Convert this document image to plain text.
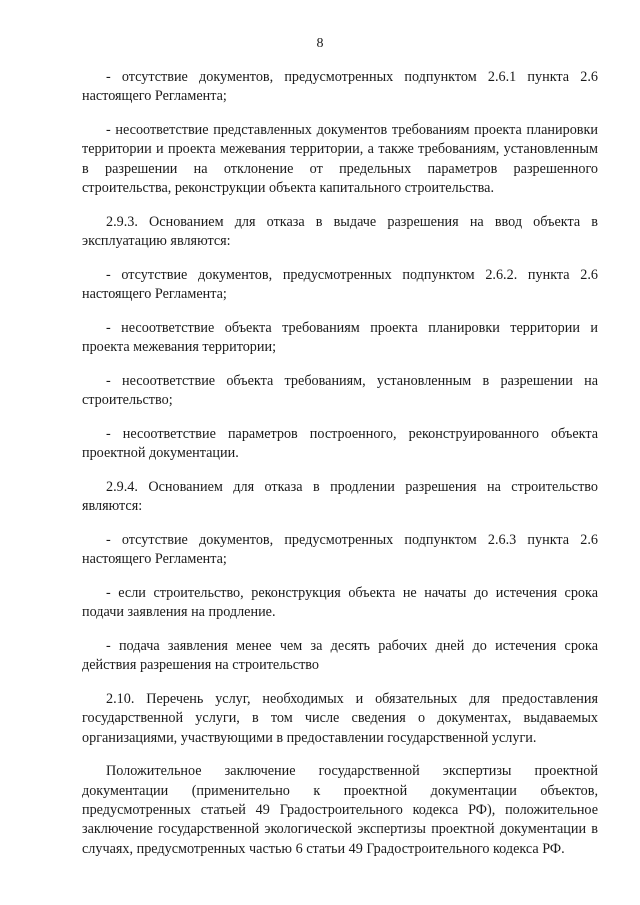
8

- отсутствие документов, предусмотренных подпунктом 2.6.1 пункта 2.6 настоящего Регламента;

- несоответствие представленных документов требованиям проекта планировки территории и проекта межевания территории, а также требованиям, установленным в разрешении на отклонение от предельных параметров разрешенного строительства, реконструкции объекта капитального строительства.

2.9.3. Основанием для отказа в выдаче разрешения на ввод объекта в эксплуатацию являются:

- отсутствие документов, предусмотренных подпунктом 2.6.2. пункта 2.6 настоящего Регламента;

- несоответствие объекта требованиям проекта планировки территории и проекта межевания территории;

- несоответствие объекта требованиям, установленным в разрешении на строительство;

- несоответствие параметров построенного, реконструированного объекта проектной документации.

2.9.4. Основанием для отказа в продлении разрешения на строительство являются:

- отсутствие документов, предусмотренных подпунктом 2.6.3 пункта 2.6 настоящего Регламента;

- если строительство, реконструкция объекта не начаты до истечения срока подачи заявления на продление.

- подача заявления менее чем за десять рабочих дней до истечения срока действия разрешения на строительство

2.10. Перечень услуг, необходимых и обязательных для предоставления государственной услуги, в том числе сведения о документах, выдаваемых организациями, участвующими в предоставлении государственной услуги.

Положительное заключение государственной экспертизы проектной документации (применительно к проектной документации объектов, предусмотренных статьей 49 Градостроительного кодекса РФ), положительное заключение государственной экологической экспертизы проектной документации в случаях, предусмотренных частью 6 статьи 49 Градостроительного кодекса РФ.
